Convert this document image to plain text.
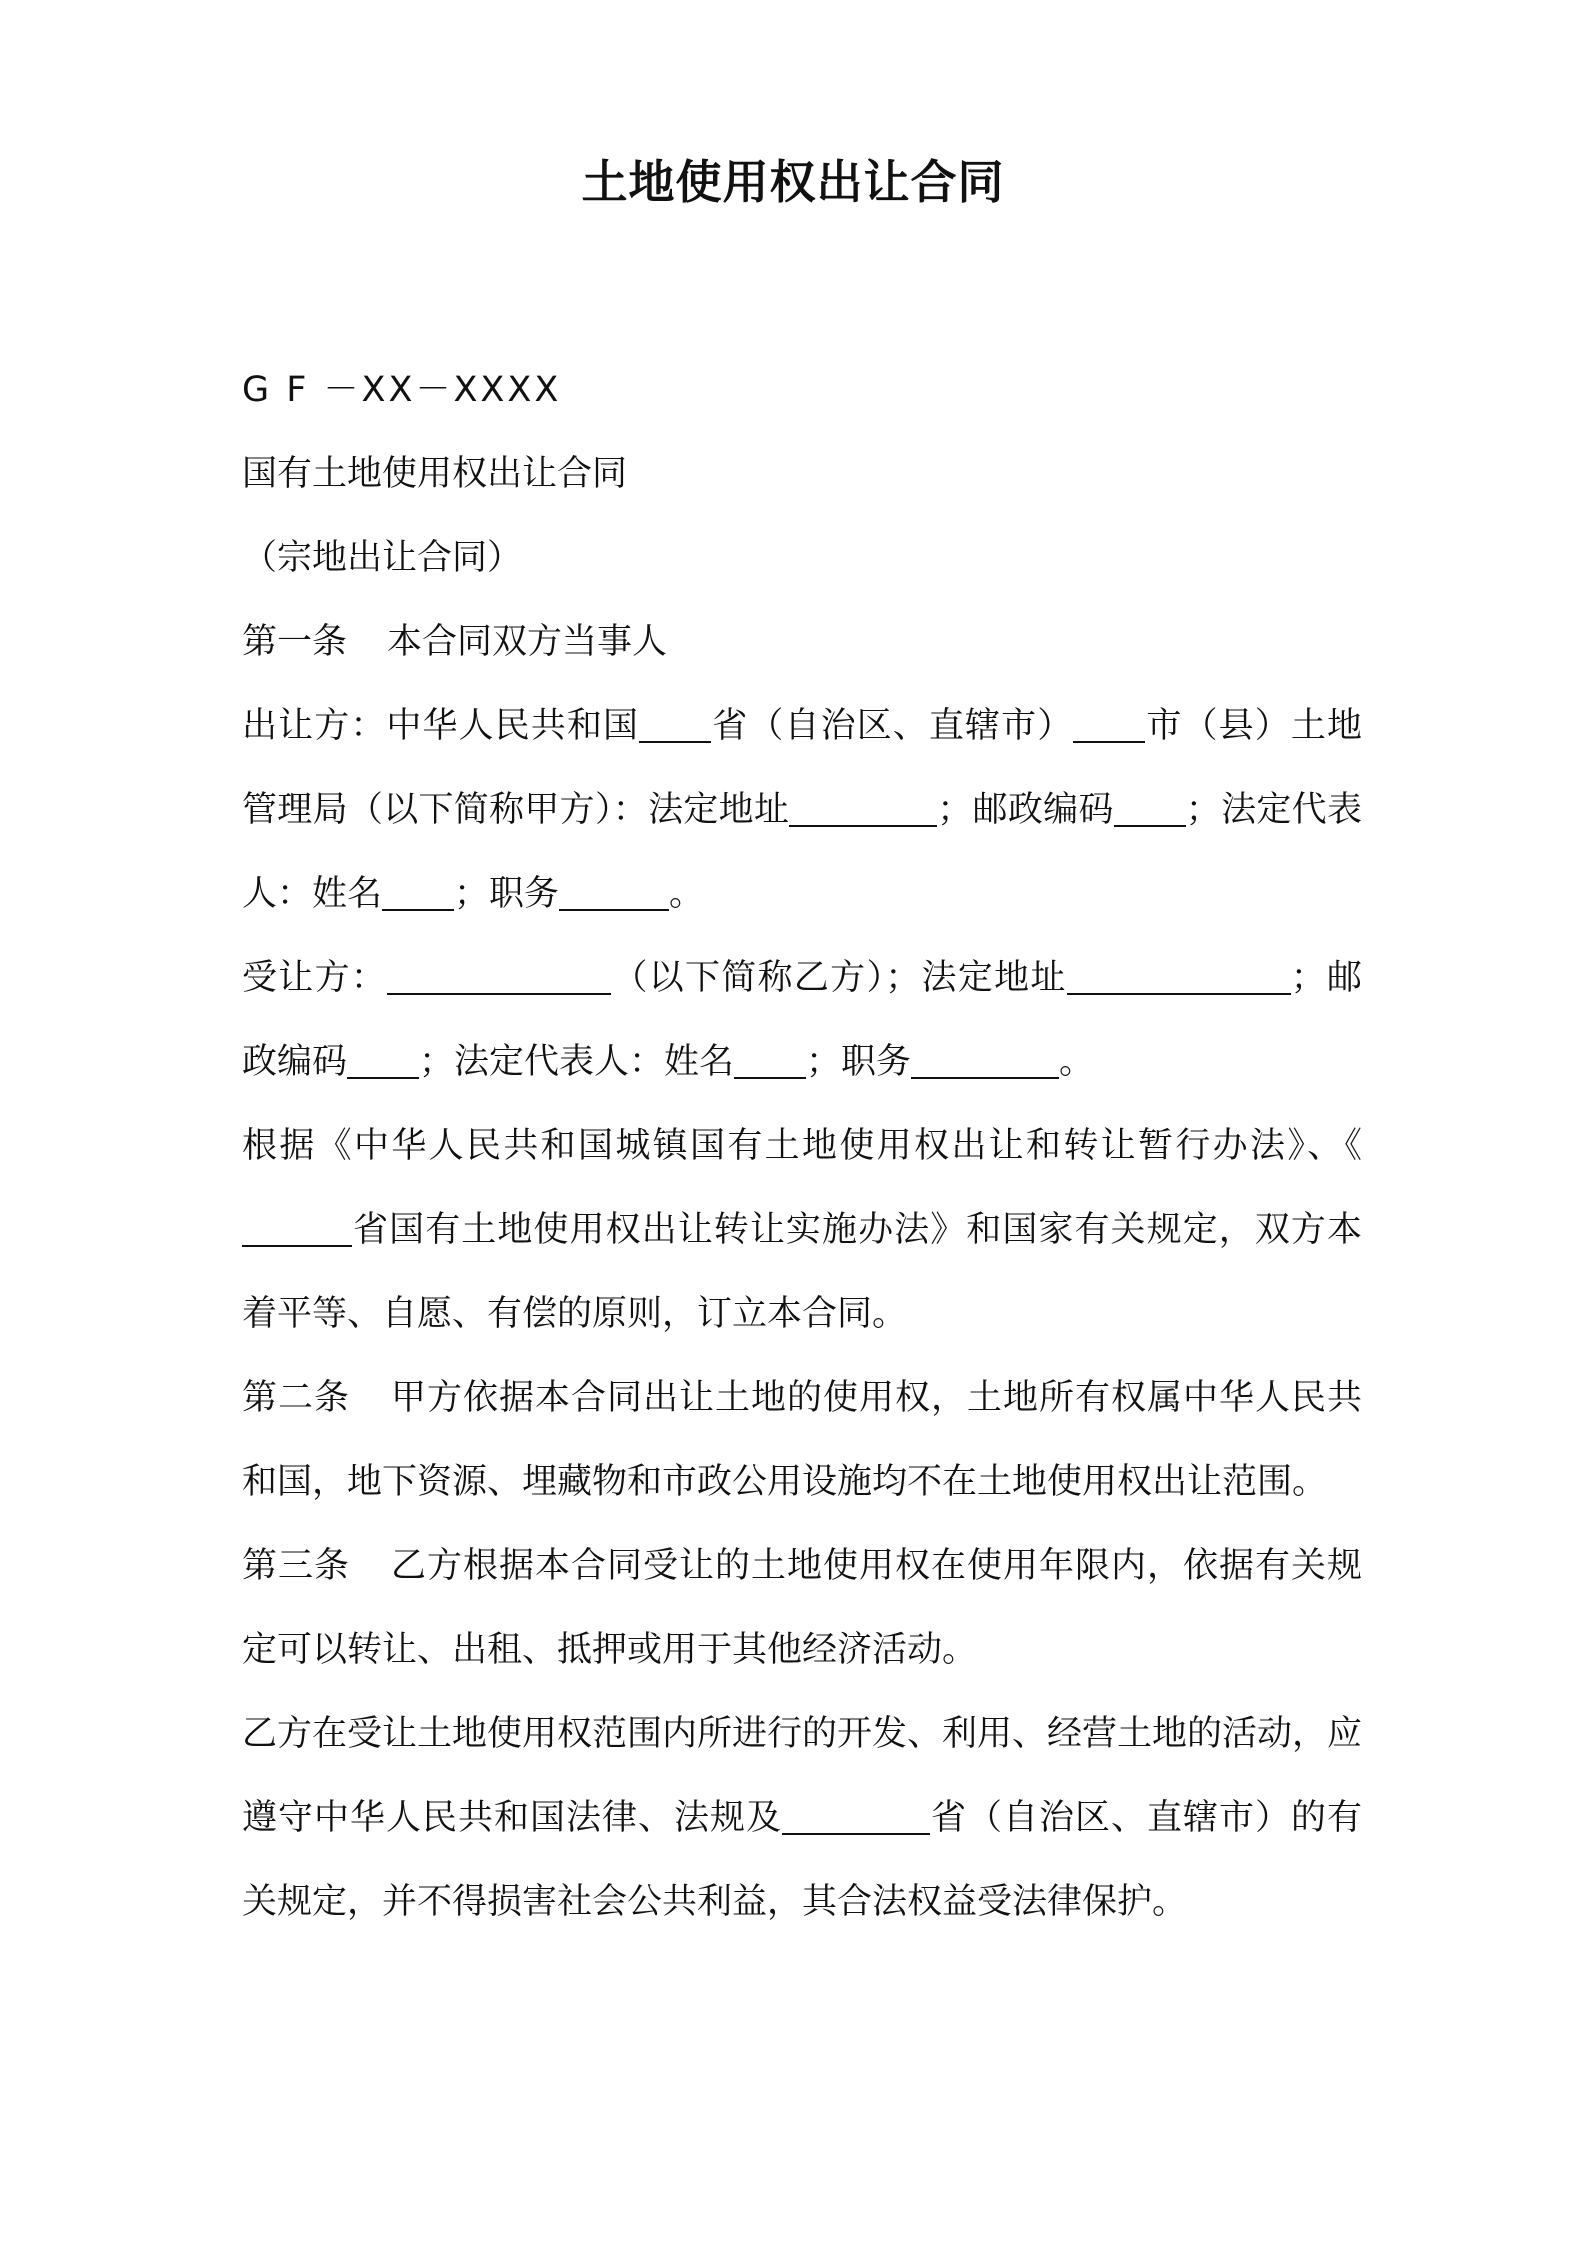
土地使用权出让合同
G F －XX－XXXX
国有土地使用权出让合同
（宗地出让合同）
第一条 本合同双方当事人
出让方：中华人民共和国 省（自治区、直辖市） 市（县）土地管理局（以下简称甲方）：法定地址	；邮政编码 ；法定代表人：姓名 ；职务	。
受让方：	（以下简称乙方）；法定地址	；邮政编码 ；法定代表人：姓名 ；职务	。
根据《中华人民共和国城镇国有土地使用权出让和转让暂行办法》、《省国有土地使用权出让转让实施办法》和国家有关规定，双方本着平等、自愿、有偿的原则，订立本合同。
第二条 甲方依据本合同出让土地的使用权，土地所有权属中华人民共和国，地下资源、埋藏物和市政公用设施均不在土地使用权出让范围。
第三条 乙方根据本合同受让的土地使用权在使用年限内，依据有关规定可以转让、出租、抵押或用于其他经济活动。
乙方在受让土地使用权范围内所进行的开发、利用、经营土地的活动，应遵守中华人民共和国法律、法规及	省（自治区、直辖市）的有关规定，并不得损害社会公共利益，其合法权益受法律保护。
